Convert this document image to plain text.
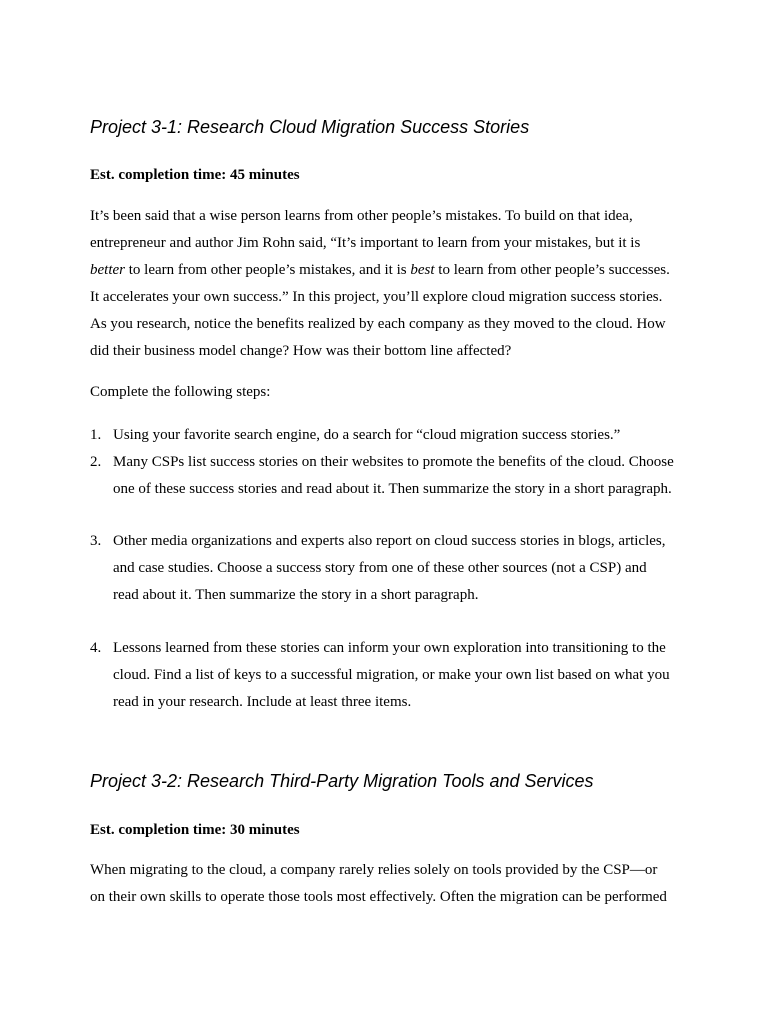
Project 3-1: Research Cloud Migration Success Stories

Est. completion time: 45 minutes

It’s been said that a wise person learns from other people’s mistakes. To build on that idea,
entrepreneur and author Jim Rohn said, “It’s important to learn from your mistakes, but it is
better to learn from other people’s mistakes, and it is best to learn from other people’s successes.
It accelerates your own success.” In this project, you’ll explore cloud migration success stories.
As you research, notice the benefits realized by each company as they moved to the cloud. How
did their business model change? How was their bottom line affected?

Complete the following steps:

1. Using your favorite search engine, do a search for “cloud migration success stories.”
2. Many CSPs list success stories on their websites to promote the benefits of the cloud. Choose
one of these success stories and read about it. Then summarize the story in a short paragraph.
3. Other media organizations and experts also report on cloud success stories in blogs, articles,
and case studies. Choose a success story from one of these other sources (not a CSP) and
read about it. Then summarize the story in a short paragraph.
4. Lessons learned from these stories can inform your own exploration into transitioning to the
cloud. Find a list of keys to a successful migration, or make your own list based on what you
read in your research. Include at least three items.
Project 3-2: Research Third-Party Migration Tools and Services

Est. completion time: 30 minutes

When migrating to the cloud, a company rarely relies solely on tools provided by the CSP—or
on their own skills to operate those tools most effectively. Often the migration can be performed
